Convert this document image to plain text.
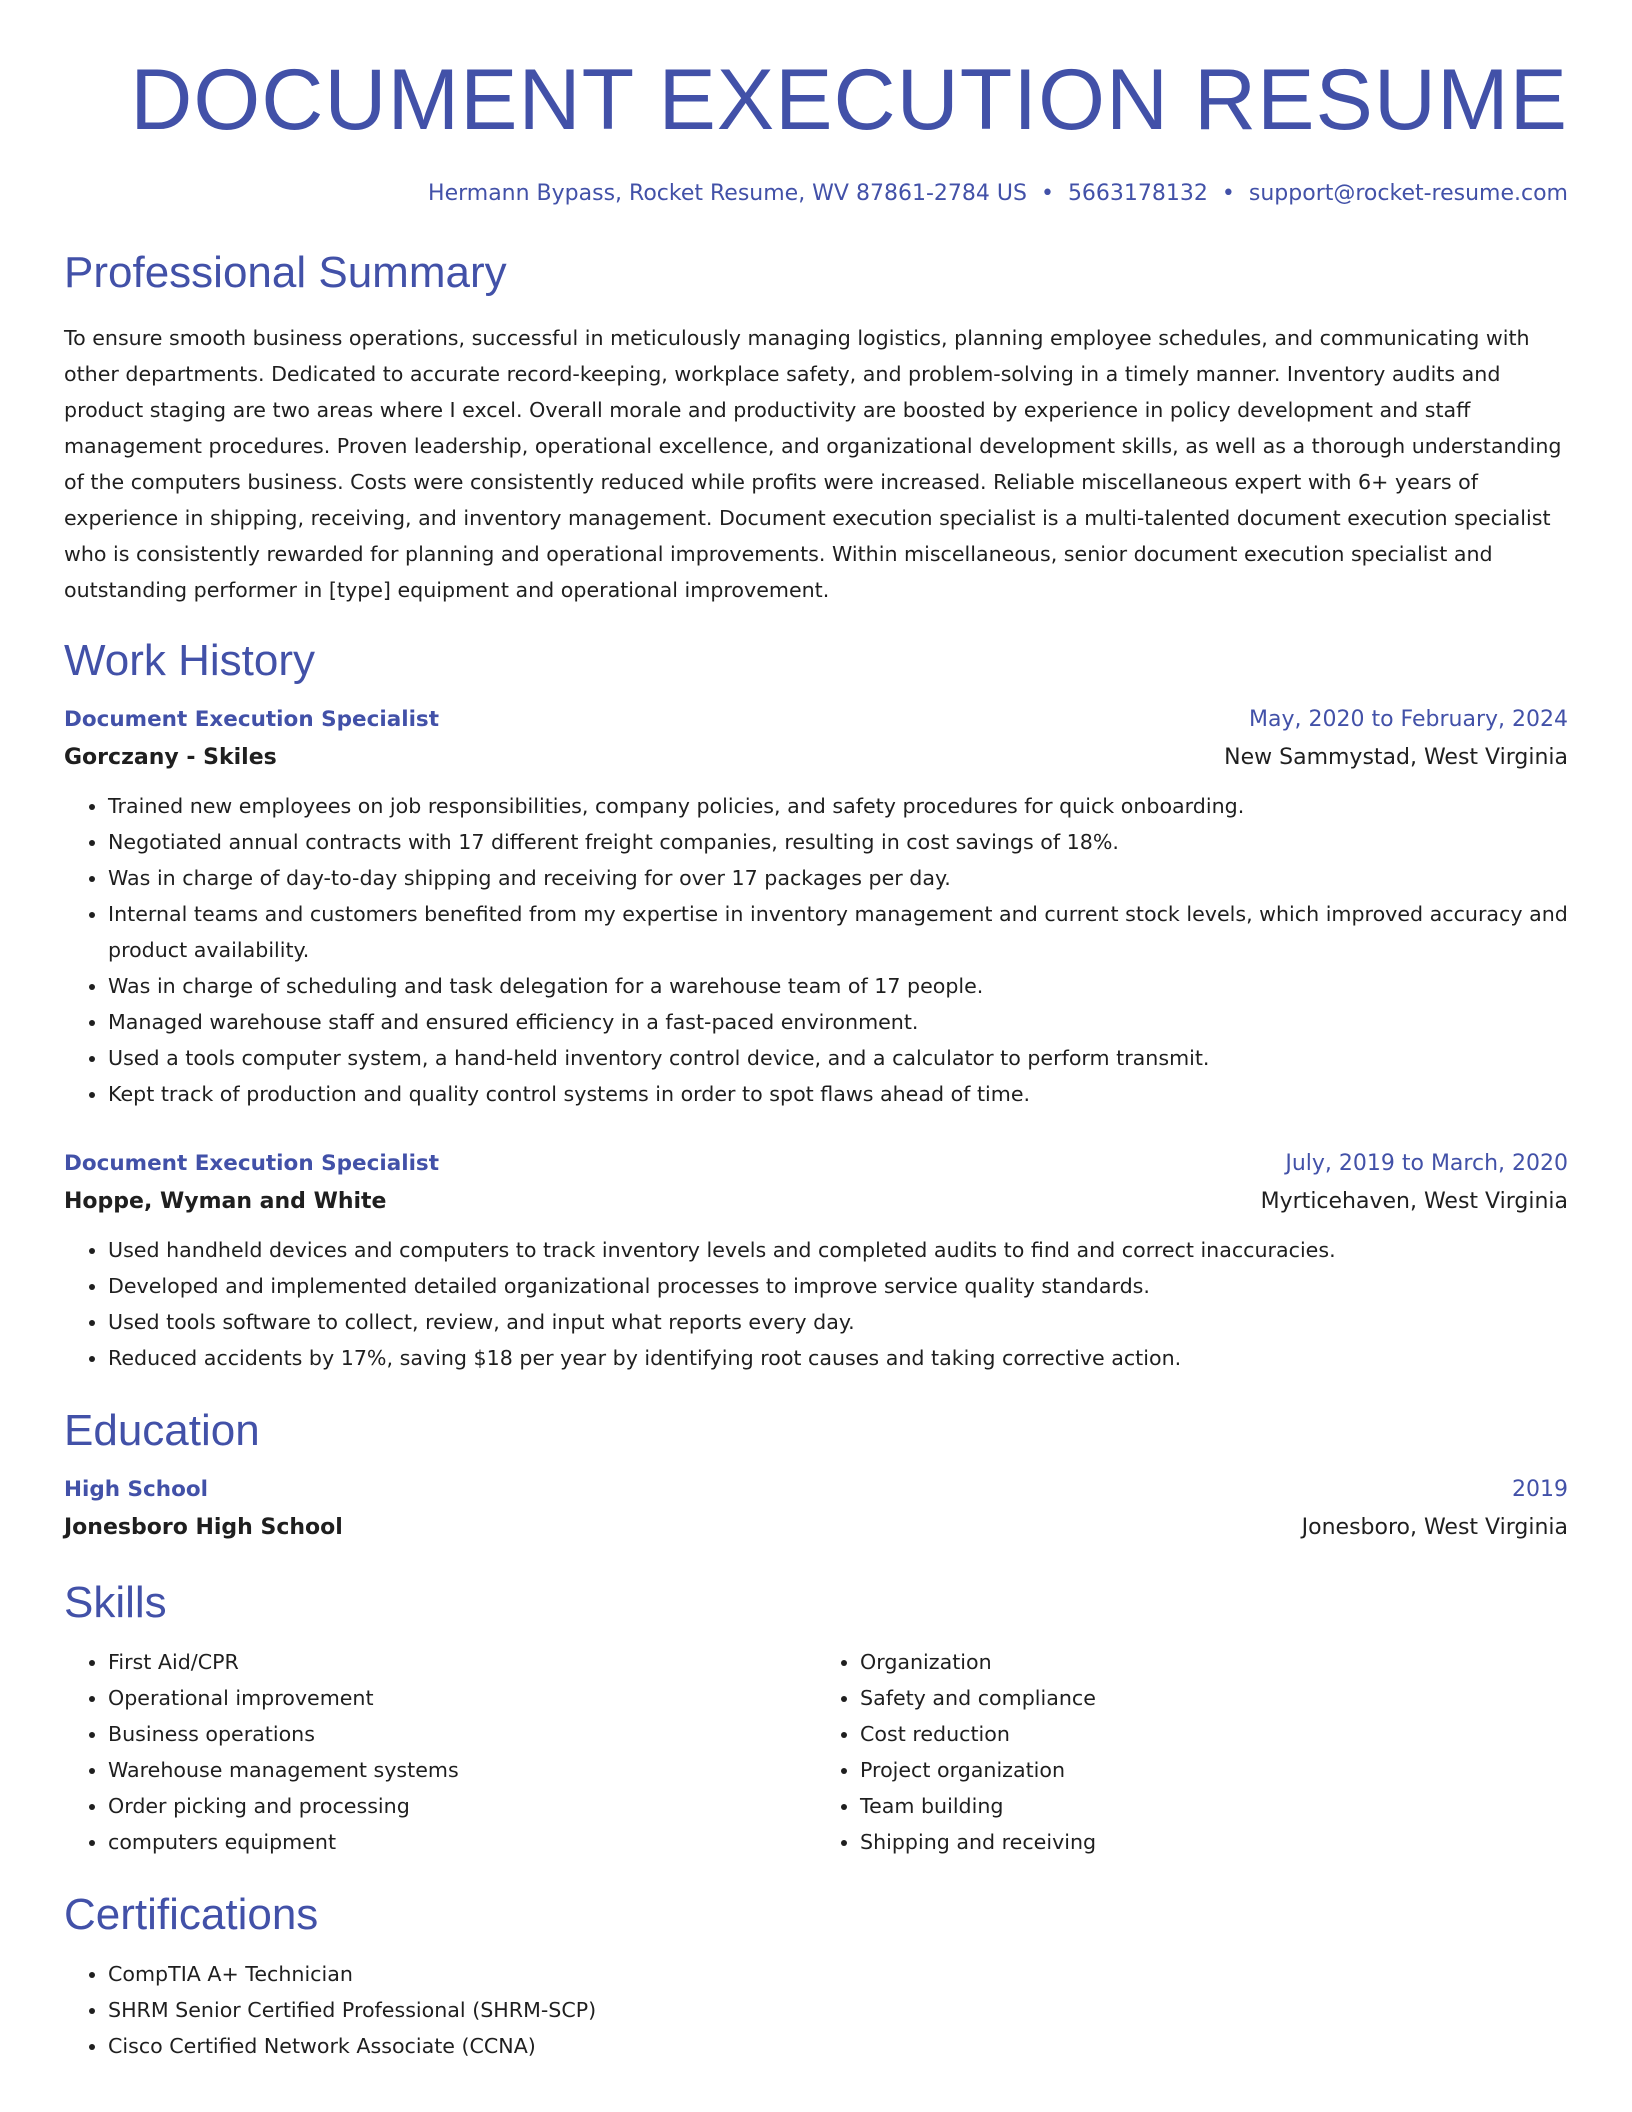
DOCUMENT EXECUTION RESUME
Hermann Bypass, Rocket Resume, WV 87861-2784 US • 5663178132 • support@rocket-resume.com
Professional Summary
To ensure smooth business operations, successful in meticulously managing logistics, planning employee schedules, and communicating with other departments. Dedicated to accurate record-keeping, workplace safety, and problem-solving in a timely manner. Inventory audits and product staging are two areas where I excel. Overall morale and productivity are boosted by experience in policy development and staff management procedures. Proven leadership, operational excellence, and organizational development skills, as well as a thorough understanding of the computers business. Costs were consistently reduced while profits were increased. Reliable miscellaneous expert with 6+ years of experience in shipping, receiving, and inventory management. Document execution specialist is a multi-talented document execution specialist who is consistently rewarded for planning and operational improvements. Within miscellaneous, senior document execution specialist and outstanding performer in [type] equipment and operational improvement.
Work History
Document Execution Specialist	May, 2020 to February, 2024
Gorczany - Skiles	New Sammystad, West Virginia
• Trained new employees on job responsibilities, company policies, and safety procedures for quick onboarding.
• Negotiated annual contracts with 17 different freight companies, resulting in cost savings of 18%.
• Was in charge of day-to-day shipping and receiving for over 17 packages per day.
• Internal teams and customers benefited from my expertise in inventory management and current stock levels, which improved accuracy and product availability.
• Was in charge of scheduling and task delegation for a warehouse team of 17 people.
• Managed warehouse staff and ensured efficiency in a fast-paced environment.
• Used a tools computer system, a hand-held inventory control device, and a calculator to perform transmit.
• Kept track of production and quality control systems in order to spot flaws ahead of time.
Document Execution Specialist	July, 2019 to March, 2020
Hoppe, Wyman and White	Myrticehaven, West Virginia
• Used handheld devices and computers to track inventory levels and completed audits to find and correct inaccuracies.
• Developed and implemented detailed organizational processes to improve service quality standards.
• Used tools software to collect, review, and input what reports every day.
• Reduced accidents by 17%, saving $18 per year by identifying root causes and taking corrective action.
Education
High School	2019
Jonesboro High School	Jonesboro, West Virginia
Skills
• First Aid/CPR
• Operational improvement
• Business operations
• Warehouse management systems
• Order picking and processing
• computers equipment
• Organization
• Safety and compliance
• Cost reduction
• Project organization
• Team building
• Shipping and receiving
Certifications
• CompTIA A+ Technician
• SHRM Senior Certified Professional (SHRM-SCP)
• Cisco Certified Network Associate (CCNA)
